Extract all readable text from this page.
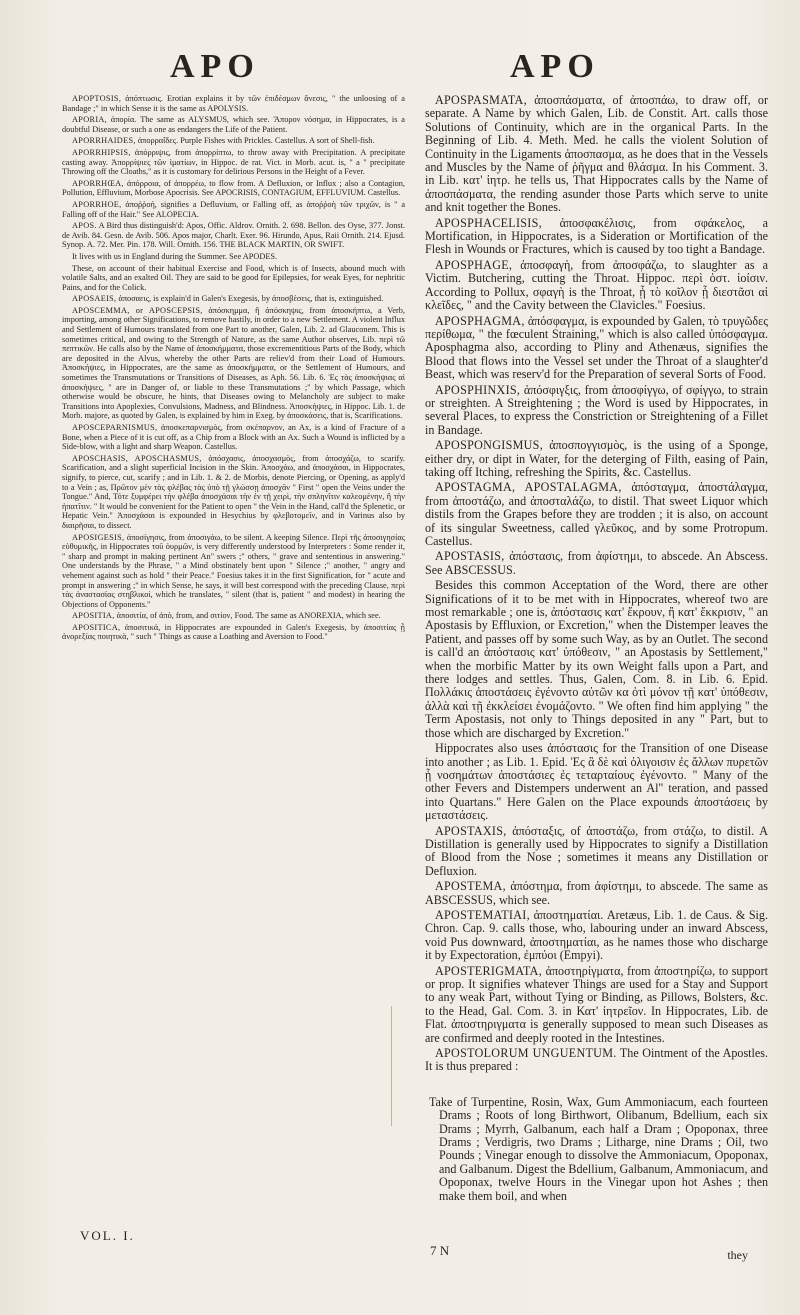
APO	APO

APOPTOSIS, ἀπόπτωσις. Erotian explains it by τῶν ἐπιδέσμων ἄνεσις, " the unloosing of a Bandage ;" in which Sense it is the same as APOLYSIS.

APORIA, ἀπορία. The same as ALYSMUS, which see. Ἄπορον νόσημα, in Hippocrates, is a doubtful Disease, or such a one as endangers the Life of the Patient.

APORRHAIDES, ἀπορραΐδες. Purple Fishes with Prickles. Castellus. A sort of Shell-fish.

APORRHIPSIS, ἀπόρριψις, from ἀπορρίπτω, to throw away with Precipitation. A precipitate casting away. Ἀπορρίψιες τῶν ἱματίων, in Hippoc. de rat. Vict. in Morb. acut. is, " a " precipitate Throwing off the Cloaths," as it is customary for delirious Persons in the Height of a Fever.

APORRHŒA, ἀπόρροια, of ἀπορρέω, to flow from. A Defluxion, or Influx ; also a Contagion, Pollution, Effluvium, Morbose Apocrisis. See APOCRISIS, CONTAGIUM, EFFLUVIUM. Castellus.

APORRHOE, ἀποῤῥοή, signifies a Defluvium, or Falling off, as ἀποῤῥοὴ τῶν τριχῶν, is " a Falling off of the Hair." See ALOPECIA.

APOS. A Bird thus distinguish'd: Apos, Offic. Aldrov. Ornith. 2. 698. Bellon. des Oyse, 377. Jonst. de Avib. 84. Gesn. de Avib. 506. Apos major, Charlt. Exer. 96. Hirundo, Apus, Raii Ornith. 214. Ejusd. Synop. A. 72. Mer. Pin. 178. Will. Ornith. 156. THE BLACK MARTIN, OR SWIFT.

It lives with us in England during the Summer. See APODES.

These, on account of their habitual Exercise and Food, which is of Insects, abound much with volatile Salts, and an exalted Oil. They are said to be good for Epilepsies, for weak Eyes, for nephritic Pains, and for the Colick.

APOSAEIS, ἀποσαεις, is explain'd in Galen's Exegesis, by ἀποσβέσεις, that is, extinguished.

APOSCEMMA, or APOSCEPSIS, ἀπόσκημμα, ἢ ἀπόσκηψις, from ἀποσκήπτω, a Verb, importing, among other Significations, to remove hastily, in order to a new Settlement. A violent Influx and Settlement of Humours translated from one Part to another, Galen, Lib. 2. ad Glauconem. This is sometimes critical, and owing to the Strength of Nature, as the same Author observes, Lib. περὶ τῶ πεπτικῶν. He calls also by the Name of ἀποσκήμματα, those excrementitious Parts of the Body, which are deposited in the Alvus, whereby the other Parts are reliev'd from their Load of Humours. Ἀποσκήψιες, in Hippocrates, are the same as ἀποσκήμματα, or the Settlement of Humours, and sometimes the Transmutations or Transitions of Diseases, as Aph. 56. Lib. 6. Ἐς τὰς ἀποσκήψιας αἱ ἀποσκήψιες, " are in Danger of, or liable to these Transmutations ;" by which Passage, which otherwise would be obscure, he hints, that Diseases owing to Melancholy are subject to make Transitions into Apoplexies, Convulsions, Madness, and Blindness. Ἀποσκήψιες, in Hippoc. Lib. 1. de Morb. majore, as quoted by Galen, is explained by him in Exeg. by ἀποσκάσεις, that is, Scarifications.

APOSCEPARNISMUS, ἀποσκεπαρνισμὸς, from σκέπαρνον, an Ax, is a kind of Fracture of a Bone, when a Piece of it is cut off, as a Chip from a Block with an Ax. Such a Wound is inflicted by a Side-blow, with a light and sharp Weapon. Castellus.

APOSCHASIS, APOSCHASMUS, ἀπόσχασις, ἀποσχασμὸς, from ἀποσχάζω, to scarify. Scarification, and a slight superficial Incision in the Skin. Ἀποσχάω, and ἀποσχάσαι, in Hippocrates, signify, to pierce, cut, scarify ; and in Lib. 1. & 2. de Morbis, denote Piercing, or Opening, as apply'd to a Vein ; as, Πρῶτον μὲν τὰς φλέβας τὰς ὑπὸ τῇ γλώσσῃ ἀποσχᾶν " First " open the Veins under the Tongue." And, Τότε ξυμφέρει τὴν φλέβα ἀποσχάσαι τὴν ἐν τῇ χειρὶ, τὴν σπληνῖτιν καλεομένην, ἢ τὴν ἡπατῖτιν. " It would be convenient for the Patient to open " the Vein in the Hand, call'd the Splenetic, or Hepatic Vein." Ἀποσχάσαι is expounded in Hesychius by φλεβοτομεῖν, and in Varinus also by διαιρῆσαι, to dissect.

APOSIGESIS, ἀποσίγησις, from ἀποσιγάω, to be silent. A keeping Silence. Περὶ τῆς ἀποσιγησίας εὐθυμικῆς, in Hippocrates τοῦ ὀυρμῶν, is very differently understood by Interpreters : Some render it, " sharp and prompt in making pertinent An" swers ;" others, " grave and sententious in answering." One understands by the Phrase, " a Mind obstinately bent upon " Silence ;" another, " angry and vehement against such as hold " their Peace." Foesius takes it in the first Signification, for " acute and prompt in answering ;" in which Sense, he says, it will best correspond with the preceding Clause, περὶ τὰς ἀναστασίας στηβλικοί, which he translates, " silent (that is, patient " and modest) in hearing the Objections of Opponents."

APOSITIA, ἀποσιτία, of ἀπὸ, from, and σιτίον, Food. The same as ANOREXIA, which see.

APOSITICA, ἀποσιτικά, in Hippocrates are expounded in Galen's Exegesis, by ἀποσιτίας ᾗ ἀνορεξίας ποιητικὰ, " such " Things as cause a Loathing and Aversion to Food."

APOSPASMATA, ἀποσπάσματα, of ἀποσπάω, to draw off, or separate. A Name by which Galen, Lib. de Constit. Art. calls those Solutions of Continuity, which are in the organical Parts. In the Beginning of Lib. 4. Meth. Med. he calls the violent Solution of Continuity in the Ligaments ἀποσπασμα, as he does that in the Vessels and Muscles by the Name of ῥῆγμα and θλάσμα. In his Comment. 3. in Lib. κατ' ἰητρ. he tells us, That Hippocrates calls by the Name of ἀποσπάσματα, the rending asunder those Parts which serve to unite and knit together the Bones.

APOSPHACELISIS, ἀποσφακέλισις, from σφάκελος, a Mortification, in Hippocrates, is a Sideration or Mortification of the Flesh in Wounds or Fractures, which is caused by too tight a Bandage.

APOSPHAGE, ἀποσφαγὴ, from ἀποσφάζω, to slaughter as a Victim. Butchering, cutting the Throat. Hippoc. περὶ ὀστ. ἰοίσιν. According to Pollux, σφαγὴ is the Throat, ᾗ τὸ κοῖλον ᾗ διεστᾶσι αἱ κλεῖδες, " and the Cavity between the Clavicles." Foesius.

APOSPHAGMA, ἀπόσφαγμα, is expounded by Galen, τὸ τρυγῶδες περίθωμα, " the fœculent Straining," which is also called ὑπόσφαγμα. Aposphagma also, according to Pliny and Athenæus, signifies the Blood that flows into the Vessel set under the Throat of a slaughter'd Beast, which was reserv'd for the Preparation of several Sorts of Food.

APOSPHINXIS, ἀπόσφιγξις, from ἀποσφίγγω, of σφίγγω, to strain or streighten. A Streightening ; the Word is used by Hippocrates, in several Places, to express the Constriction or Streightening of a Fillet in Bandage.

APOSPONGISMUS, ἀποσπογγισμὸς, is the using of a Sponge, either dry, or dipt in Water, for the deterging of Filth, easing of Pain, taking off Itching, refreshing the Spirits, &c. Castellus.

APOSTAGMA, APOSTALAGMA, ἀπόσταγμα, ἀποστάλαγμα, from ἀποστάζω, and ἀποσταλάζω, to distil. That sweet Liquor which distils from the Grapes before they are trodden ; it is also, on account of its singular Sweetness, called γλεῦκος, and by some Protropum. Castellus.

APOSTASIS, ἀπόστασις, from ἀφίστημι, to abscede. An Abscess. See ABSCESSUS.

Besides this common Acceptation of the Word, there are other Significations of it to be met with in Hippocrates, whereof two are most remarkable ; one is, ἀπόστασις κατ' ἔκρουν, ἢ κατ' ἔκκρισιν, " an Apostasis by Effluxion, or Excretion," when the Distemper leaves the Patient, and passes off by some such Way, as by an Outlet. The second is call'd an ἀπόστασις κατ' ὑπόθεσιν, " an Apostasis by Settlement," when the morbific Matter by its own Weight falls upon a Part, and there lodges and settles. Thus, Galen, Com. 8. in Lib. 6. Epid. Πολλάκις ἀποστάσεις ἐγένοντο αὐτῶν κα ὀτὶ μόνον τῇ κατ' ὑπόθεσιν, ἀλλὰ καὶ τῇ ἐκκλείσει ἐνομάζοντο. " We often find him applying " the Term Apostasis, not only to Things deposited in any " Part, but to those which are discharged by Excretion."

Hippocrates also uses ἀπόστασις for the Transition of one Disease into another ; as Lib. 1. Epid. Ἐς ἃ δὲ καὶ ὀλιγοισιν ἐς ἄλλων πυρετῶν ᾗ νοσημάτων ἀποστάσιες ἐς τεταρταίους ἐγένοντο. " Many of the other Fevers and Distempers underwent an Al" teration, and passed into Quartans." Here Galen on the Place expounds ἀποστάσεις by μεταστάσεις.

APOSTAXIS, ἀπόσταξις, of ἀποστάζω, from στάζω, to distil. A Distillation is generally used by Hippocrates to signify a Distillation of Blood from the Nose ; sometimes it means any Distillation or Defluxion.

APOSTEMA, ἀπόστημα, from ἀφίστημι, to abscede. The same as ABSCESSUS, which see.

APOSTEMATIAI, ἀποστηματίαι. Aretæus, Lib. 1. de Caus. & Sig. Chron. Cap. 9. calls those, who, labouring under an inward Abscess, void Pus downward, ἀποστηματίαι, as he names those who discharge it by Expectoration, ἐμπύοι (Empyi).

APOSTERIGMATA, ἀποστηρίγματα, from ἀποστηρίζω, to support or prop. It signifies whatever Things are used for a Stay and Support to any weak Part, without Tying or Binding, as Pillows, Bolsters, &c. to the Head, Gal. Com. 3. in Κατ' ἰητρεῖον. In Hippocrates, Lib. de Flat. ἀποστηριγματα is generally supposed to mean such Diseases as are confirmed and deeply rooted in the Intestines.

APOSTOLORUM UNGUENTUM. The Ointment of the Apostles. It is thus prepared :

Take of Turpentine, Rosin, Wax, Gum Ammoniacum, each fourteen Drams ; Roots of long Birthwort, Olibanum, Bdellium, each six Drams ; Myrrh, Galbanum, each half a Dram ; Opoponax, three Drams ; Verdigris, two Drams ; Litharge, nine Drams ; Oil, two Pounds ; Vinegar enough to dissolve the Ammoniacum, Opoponax, and Galbanum. Digest the Bdellium, Galbanum, Ammoniacum, and Opoponax, twelve Hours in the Vinegar upon hot Ashes ; then make them boil, and when

VOL. I.
7 N	they
